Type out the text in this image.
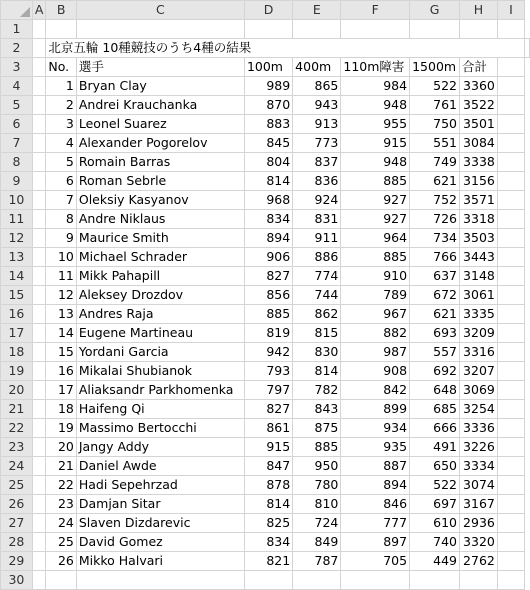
	A	B	C	D	E	F	G	H	I	
1										
2		北京五輪 10種競技のうち4種の結果								
3		No.	選手	100m	400m	110m障害	1500m	合計		
4		1	Bryan Clay	989	865	984	522	3360		
5		2	Andrei Krauchanka	870	943	948	761	3522		
6		3	Leonel Suarez	883	913	955	750	3501		
7		4	Alexander Pogorelov	845	773	915	551	3084		
8		5	Romain Barras	804	837	948	749	3338		
9		6	Roman Sebrle	814	836	885	621	3156		
10		7	Oleksiy Kasyanov	968	924	927	752	3571		
11		8	Andre Niklaus	834	831	927	726	3318		
12		9	Maurice Smith	894	911	964	734	3503		
13		10	Michael Schrader	906	886	885	766	3443		
14		11	Mikk Pahapill	827	774	910	637	3148		
15		12	Aleksey Drozdov	856	744	789	672	3061		
16		13	Andres Raja	885	862	967	621	3335		
17		14	Eugene Martineau	819	815	882	693	3209		
18		15	Yordani Garcia	942	830	987	557	3316		
19		16	Mikalai Shubianok	793	814	908	692	3207		
20		17	Aliaksandr Parkhomenka	797	782	842	648	3069		
21		18	Haifeng Qi	827	843	899	685	3254		
22		19	Massimo Bertocchi	861	875	934	666	3336		
23		20	Jangy Addy	915	885	935	491	3226		
24		21	Daniel Awde	847	950	887	650	3334		
25		22	Hadi Sepehrzad	878	780	894	522	3074		
26		23	Damjan Sitar	814	810	846	697	3167		
27		24	Slaven Dizdarevic	825	724	777	610	2936		
28		25	David Gomez	834	849	897	740	3320		
29		26	Mikko Halvari	821	787	705	449	2762		
30										
